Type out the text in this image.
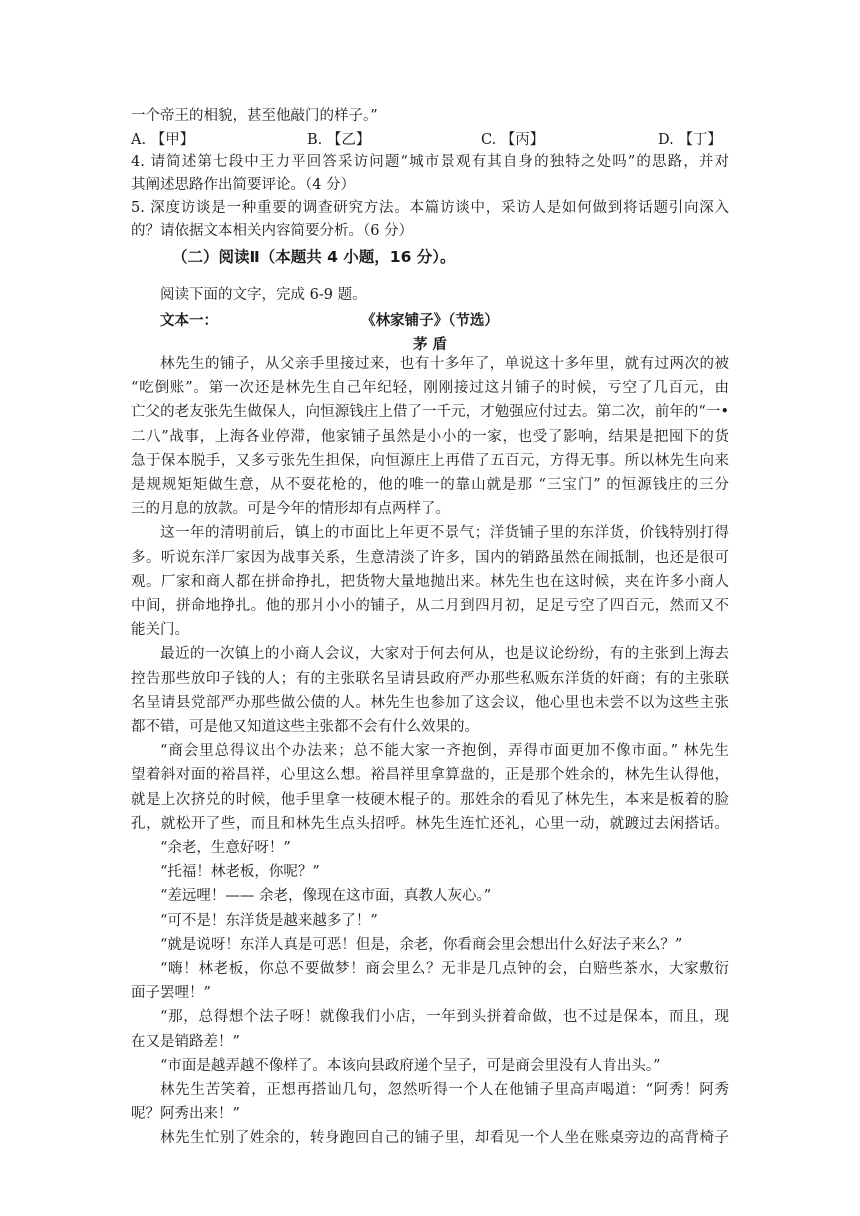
一个帝王的相貌，甚至他敲门的样子。”
A. 【甲】	B. 【乙】	C. 【丙】	D. 【丁】
4. 请简述第七段中王力平回答采访问题“城市景观有其自身的独特之处吗”的思路，并对
其阐述思路作出简要评论。（4 分）
5. 深度访谈是一种重要的调查研究方法。本篇访谈中，采访人是如何做到将话题引向深入
的？请依据文本相关内容简要分析。（6 分）
（二）阅读Ⅱ（本题共 4 小题，16 分）。
阅读下面的文字，完成 6-9 题。
文本一：	《林家铺子》（节选）
茅 盾
林先生的铺子，从父亲手里接过来，也有十多年了，单说这十多年里，就有过两次的被
“吃倒账”。第一次还是林先生自己年纪轻，刚刚接过这爿铺子的时候，亏空了几百元，由
亡父的老友张先生做保人，向恒源钱庄上借了一千元，才勉强应付过去。第二次，前年的“一•
二八”战事，上海各业停滞，他家铺子虽然是小小的一家，也受了影响，结果是把囤下的货
急于保本脱手，又多亏张先生担保，向恒源庄上再借了五百元，方得无事。所以林先生向来
是规规矩矩做生意，从不耍花枪的，他的唯一的靠山就是那 “三宝门” 的恒源钱庄的三分
三的月息的放款。可是今年的情形却有点两样了。
这一年的清明前后，镇上的市面比上年更不景气；洋货铺子里的东洋货，价钱特别打得
多。听说东洋厂家因为战事关系，生意清淡了许多，国内的销路虽然在闹抵制，也还是很可
观。厂家和商人都在拼命挣扎，把货物大量地抛出来。林先生也在这时候，夹在许多小商人
中间，拼命地挣扎。他的那爿小小的铺子，从二月到四月初，足足亏空了四百元，然而又不
能关门。
最近的一次镇上的小商人会议，大家对于何去何从，也是议论纷纷，有的主张到上海去
控告那些放印子钱的人；有的主张联名呈请县政府严办那些私贩东洋货的奸商；有的主张联
名呈请县党部严办那些做公债的人。林先生也参加了这会议，他心里也未尝不以为这些主张
都不错，可是他又知道这些主张都不会有什么效果的。
“商会里总得议出个办法来；总不能大家一齐抱倒，弄得市面更加不像市面。” 林先生
望着斜对面的裕昌祥，心里这么想。裕昌祥里拿算盘的，正是那个姓余的，林先生认得他，
就是上次挤兑的时候，他手里拿一枝硬木棍子的。那姓余的看见了林先生，本来是板着的脸
孔，就松开了些，而且和林先生点头招呼。林先生连忙还礼，心里一动，就踱过去闲搭话。
“余老，生意好呀！”
“托福！林老板，你呢？”
“差远哩！—— 余老，像现在这市面，真教人灰心。”
“可不是！东洋货是越来越多了！”
“就是说呀！东洋人真是可恶！但是，余老，你看商会里会想出什么好法子来么？”
“嗨！林老板，你总不要做梦！商会里么？无非是几点钟的会，白赔些茶水，大家敷衍
面子罢哩！”
“那，总得想个法子呀！就像我们小店，一年到头拼着命做，也不过是保本，而且，现
在又是销路差！”
“市面是越弄越不像样了。本该向县政府递个呈子，可是商会里没有人肯出头。”
林先生苦笑着，正想再搭讪几句，忽然听得一个人在他铺子里高声喝道：“阿秀！阿秀
呢？阿秀出来！”
林先生忙别了姓余的，转身跑回自己的铺子里，却看见一个人坐在账桌旁边的高背椅子
